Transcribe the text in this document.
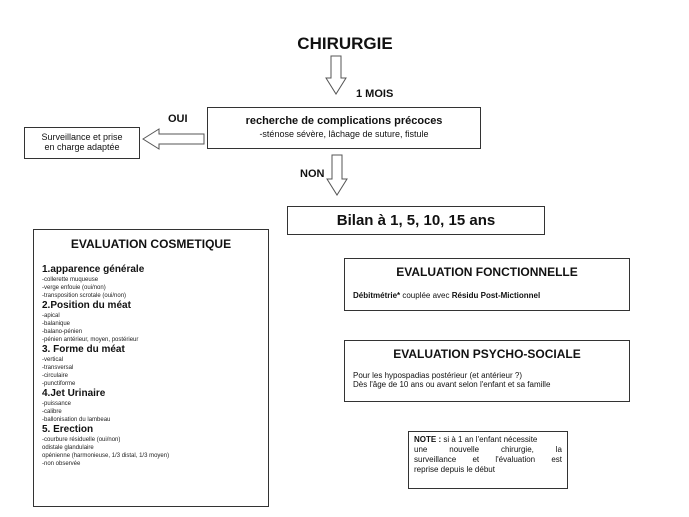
CHIRURGIE
1 MOIS
recherche de complications précoces
-sténose sévère, lâchage de suture, fistule
OUI
Surveillance et prise
en charge adaptée
NON
Bilan à 1, 5, 10, 15 ans
EVALUATION COSMETIQUE
1.apparence générale
-collerette muqueuse
-verge enfouie (oui/non)
-transposition scrotale (oui/non)
2.Position du méat
-apical
-balanique
-balano-pénien
-pénien antérieur, moyen, postérieur
3. Forme du méat
-vertical
-transversal
-circulaire
-punctiforme
4.Jet Urinaire
-puissance
-calibre
-ballonisation du lambeau
5. Erection
-courbure résiduelle (oui/non)
odistale glandulaire
opénienne (harmonieuse, 1/3 distal, 1/3 moyen)
-non observée
EVALUATION FONCTIONNELLE
Débitmétrie* couplée avec Résidu Post-Mictionnel
EVALUATION PSYCHO-SOCIALE
Pour les hypospadias postérieur (et antérieur ?)
Dès l'âge de 10 ans ou avant selon l'enfant et sa famille
NOTE : si à 1 an l'enfant nécessite
une nouvelle chirurgie, la
surveillance et l'évaluation est
reprise depuis le début
